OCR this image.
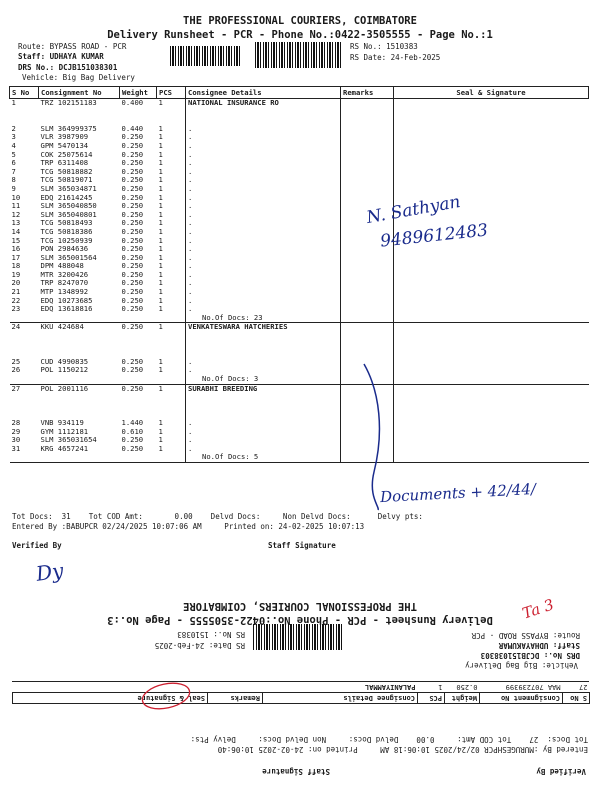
THE PROFESSIONAL COURIERS, COIMBATORE
Delivery Runsheet - PCR - Phone No.:0422-3505555 - Page No.:1
Route: BYPASS ROAD - PCR
Staff: UDHAYA KUMAR
DRS No.: DCJB151038301
RS No.: 1510383
RS Date: 24-Feb-2025
Vehicle: Big Bag Delivery
S No	Consignment No	Weight	PCS	Consignee Details	Remarks	Seal & Signature
1	TRZ 102151183	0.400	1	NATIONAL INSURANCE RO		

2	SLM 364999375	0.440	1	.		
3	VLR 3987909	0.250	1	.		
4	GPM 5470134	0.250	1	.		
5	COK 25075614	0.250	1	.		
6	TRP 6311408	0.250	1	.		
7	TCG 50818882	0.250	1	.		
8	TCG 50819071	0.250	1	.		
9	SLM 365034871	0.250	1	.		
10	EDQ 21614245	0.250	1	.		
11	SLM 365040850	0.250	1	.		
12	SLM 365040801	0.250	1	.		
13	TCG 50818493	0.250	1	.		
14	TCG 50818386	0.250	1	.		
15	TCG 10250939	0.250	1	.		
16	PON 2984636	0.250	1	.		
17	SLM 365001564	0.250	1	.		
18	DPM 488048	0.250	1	.		
19	MTR 3200426	0.250	1	.		
20	TRP 8247070	0.250	1	.		
21	MTP 1348992	0.250	1	.		
22	EDQ 10273685	0.250	1	.		
23	EDQ 13618816	0.250	1	.		
				No.Of Docs: 23		
24	KKU 424684	0.250	1	VENKATESWARA HATCHERIES		

25	CUD 4990835	0.250	1	.		
26	POL 1150212	0.250	1	.		
				No.Of Docs: 3		
27	POL 2001116	0.250	1	SURABHI BREEDING		

28	VNB 934119	1.440	1	.		
29	GYM 1112181	0.610	1	.		
30	SLM 365031654	0.250	1	.		
31	KRG 4657241	0.250	1	.		
				No.Of Docs: 5		
N. Sathyan
9489612483
Documents + 42/44/
Tot Docs:  31    Tot COD Amt:       0.00    Delvd Docs:     Non Delvd Docs:      Delvy pts:
Entered By :BABUPCR 02/24/2025 10:07:06 AM     Printed on: 24-02-2025 10:07:13
Verified By	Staff Signature
Dy
Ta 3
Verified By
Staff Signature
Entered By :MURUGESHPCR 02/24/2025 10:06:18 AM     Printed on: 24-02-2025 10:06:40
Tot Docs:  27    Tot COD Amt:     0.00    Delvd Docs:     Non Delvd Docs:     Delvy Pts:
S No	Consignment No	Weight	PCS	Consignee Details	Remarks	Seal & Signature
27	MAA 707239399	0.250	1	PALANIYAMMAL		
Vehicle: Big Bag Delivery
DRS No.: DCJB151038303
Staff: UDHAYAKUMAR
Route: BYPASS ROAD - PCR
RS Date: 24-Feb-2025
RS No.: 1510383
Delivery Runsheet - PCR - Phone No.:0422-3505555 - Page No.:3
THE PROFESSIONAL COURIERS, COIMBATORE
